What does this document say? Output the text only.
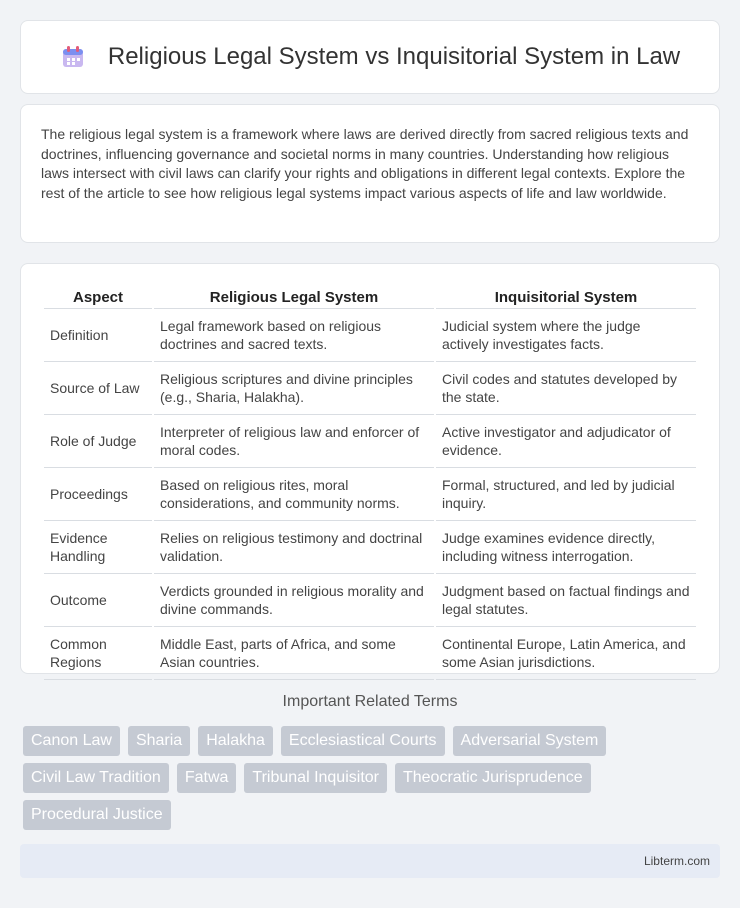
Religious Legal System vs Inquisitorial System in Law

The religious legal system is a framework where laws are derived directly from sacred religious texts and doctrines, influencing governance and societal norms in many countries. Understanding how religious laws intersect with civil laws can clarify your rights and obligations in different legal contexts. Explore the rest of the article to see how religious legal systems impact various aspects of life and law worldwide.

Aspect	Religious Legal System	Inquisitorial System
Definition	Legal framework based on religious doctrines and sacred texts.	Judicial system where the judge actively investigates facts.
Source of Law	Religious scriptures and divine principles (e.g., Sharia, Halakha).	Civil codes and statutes developed by the state.
Role of Judge	Interpreter of religious law and enforcer of moral codes.	Active investigator and adjudicator of evidence.
Proceedings	Based on religious rites, moral considerations, and community norms.	Formal, structured, and led by judicial inquiry.
Evidence Handling	Relies on religious testimony and doctrinal validation.	Judge examines evidence directly, including witness interrogation.
Outcome	Verdicts grounded in religious morality and divine commands.	Judgment based on factual findings and legal statutes.
Common Regions	Middle East, parts of Africa, and some Asian countries.	Continental Europe, Latin America, and some Asian jurisdictions.
Important Related Terms
Canon Law	Sharia	Halakha	Ecclesiastical Courts	Adversarial System
Civil Law Tradition	Fatwa	Tribunal Inquisitor	Theocratic Jurisprudence
Procedural Justice
Libterm.com
